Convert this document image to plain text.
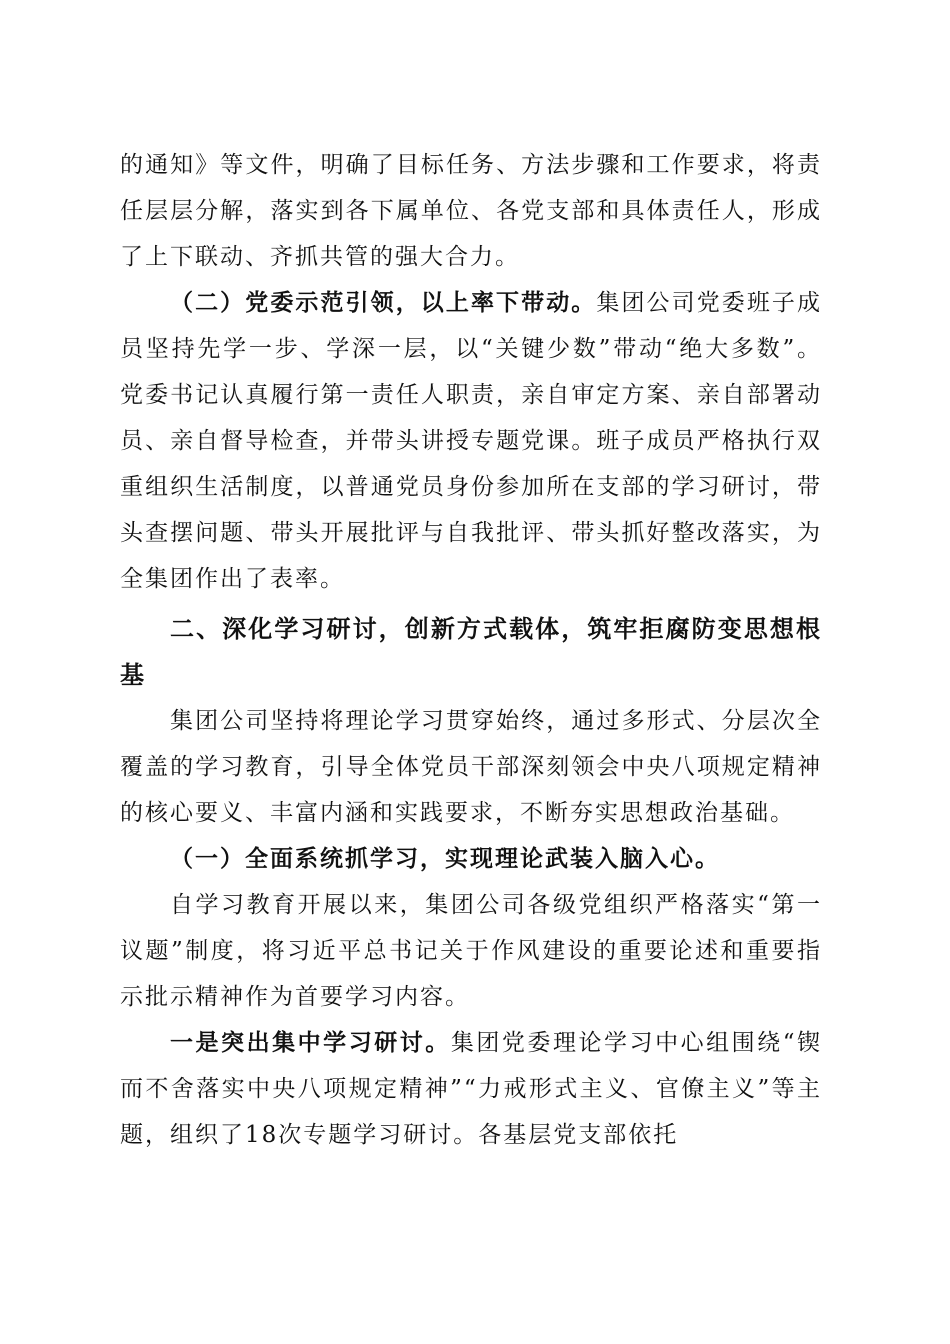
的通知》等文件，明确了目标任务、方法步骤和工作要求，将责任层层分解，落实到各下属单位、各党支部和具体责任人，形成了上下联动、齐抓共管的强大合力。

（二）党委示范引领，以上率下带动。集团公司党委班子成员坚持先学一步、学深一层，以“关键少数”带动“绝大多数”。党委书记认真履行第一责任人职责，亲自审定方案、亲自部署动员、亲自督导检查，并带头讲授专题党课。班子成员严格执行双重组织生活制度，以普通党员身份参加所在支部的学习研讨，带头查摆问题、带头开展批评与自我批评、带头抓好整改落实，为全集团作出了表率。

二、深化学习研讨，创新方式载体，筑牢拒腐防变思想根基

集团公司坚持将理论学习贯穿始终，通过多形式、分层次全覆盖的学习教育，引导全体党员干部深刻领会中央八项规定精神的核心要义、丰富内涵和实践要求，不断夯实思想政治基础。

（一）全面系统抓学习，实现理论武装入脑入心。

自学习教育开展以来，集团公司各级党组织严格落实“第一议题”制度，将习近平总书记关于作风建设的重要论述和重要指示批示精神作为首要学习内容。

一是突出集中学习研讨。集团党委理论学习中心组围绕“锲而不舍落实中央八项规定精神”“力戒形式主义、官僚主义”等主题，组织了18次专题学习研讨。各基层党支部依托
